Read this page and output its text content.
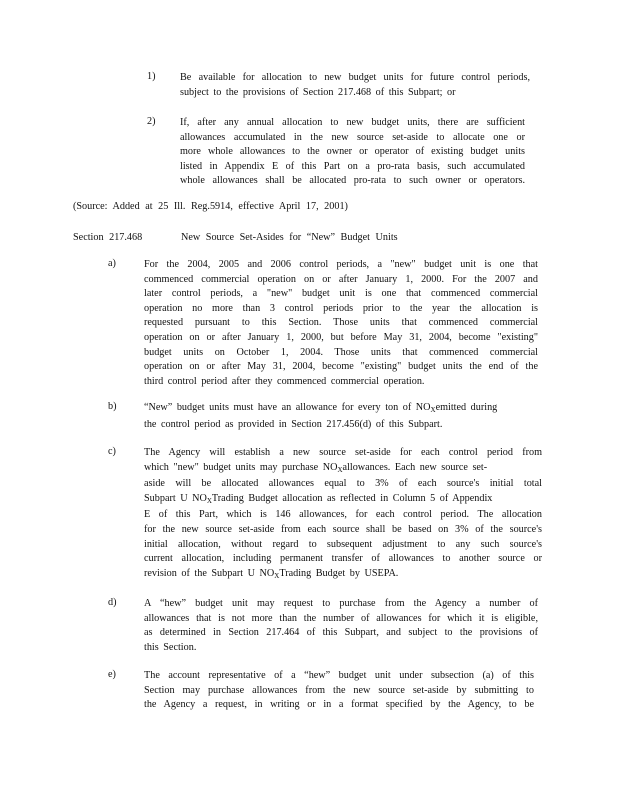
1) Be available for allocation to new budget units for future control periods,
subject to the provisions of Section 217.468 of this Subpart; or
2) If, after any annual allocation to new budget units, there are sufficient
allowances accumulated in the new source set-aside to allocate one or
more whole allowances to the owner or operator of existing budget units
listed in Appendix E of this Part on a pro-rata basis, such accumulated
whole allowances shall be allocated pro-rata to such owner or operators.
(Source: Added at 25 Ill. Reg.5914, effective April 17, 2001)
Section 217.468	New Source Set-Asides for “New” Budget Units
a)	For the 2004, 2005 and 2006 control periods, a "new" budget unit is one that
commenced commercial operation on or after January 1, 2000. For the 2007 and
later control periods, a "new" budget unit is one that commenced commercial
operation no more than 3 control periods prior to the year the allocation is
requested pursuant to this Section. Those units that commenced commercial
operation on or after January 1, 2000, but before May 31, 2004, become "existing"
budget units on October 1, 2004. Those units that commenced commercial
operation on or after May 31, 2004, become "existing" budget units the end of the
third control period after they commenced commercial operation.
b)	“New” budget units must have an allowance for every ton of $NO_Xemitted$ during
the control period as provided in Section 217.456(d) of this Subpart.
c)	The Agency will establish a new source set-aside for each control period from
which "new" budget units may purchase $NO_Xallowances$. Each new source set-
aside will be allocated allowances equal to 3% of each source's initial total
Subpart U $NO_XTrading$ Budget allocation as reflected in Column 5 of Appendix
E of this Part, which is 146 allowances, for each control period. The allocation
for the new source set-aside from each source shall be based on 3% of the source's
initial allocation, without regard to subsequent adjustment to any such source's
current allocation, including permanent transfer of allowances to another source or
revision of the Subpart U $NO_XTrading$ Budget by USEPA.
d)	A “hew” budget unit may request to purchase from the Agency a number of
allowances that is not more than the number of allowances for which it is eligible,
as determined in Section 217.464 of this Subpart, and subject to the provisions of
this Section.
e)	The account representative of a “hew” budget unit under subsection (a) of this
Section may purchase allowances from the new source set-aside by submitting to
the Agency a request, in writing or in a format specified by the Agency, to be
